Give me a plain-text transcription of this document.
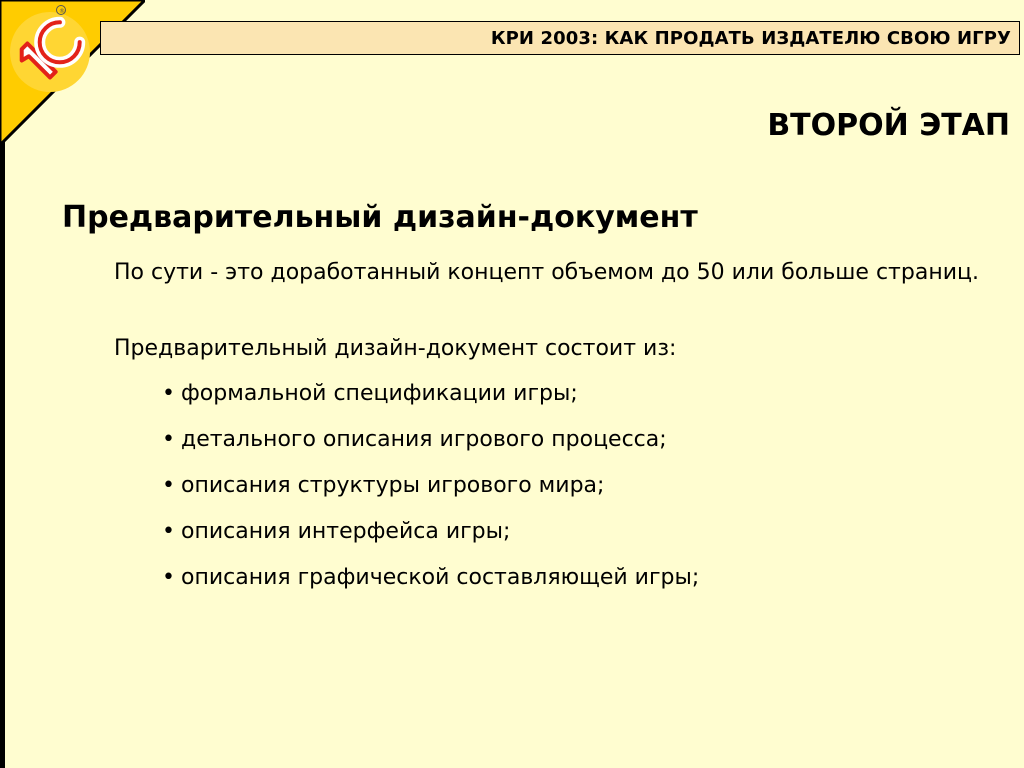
®
КРИ 2003: КАК ПРОДАТЬ ИЗДАТЕЛЮ СВОЮ ИГРУ
ВТОРОЙ ЭТАП
Предварительный дизайн-документ
По сути - это доработанный концепт объемом до 50 или больше страниц.
Предварительный дизайн-документ состоит из:
• формальной спецификации игры;
• детального описания игрового процесса;
• описания структуры игрового мира;
• описания интерфейса игры;
• описания графической составляющей игры;
